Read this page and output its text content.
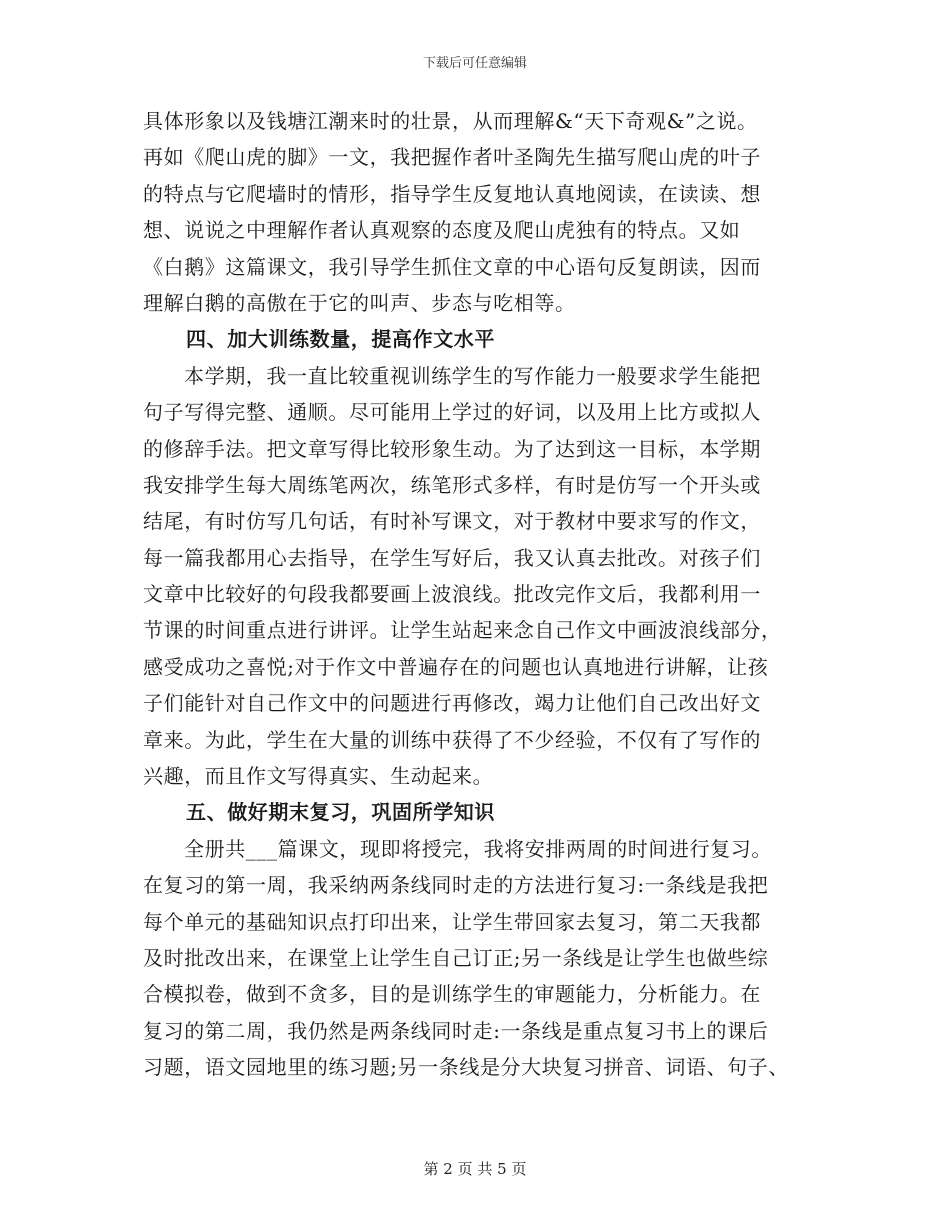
下载后可任意编辑
具体形象以及钱塘江潮来时的壮景，从而理解&“天下奇观&”之说。
再如《爬山虎的脚》一文，我把握作者叶圣陶先生描写爬山虎的叶子
的特点与它爬墙时的情形，指导学生反复地认真地阅读，在读读、想
想、说说之中理解作者认真观察的态度及爬山虎独有的特点。又如
《白鹅》这篇课文，我引导学生抓住文章的中心语句反复朗读，因而
理解白鹅的高傲在于它的叫声、步态与吃相等。
四、加大训练数量，提高作文水平
本学期，我一直比较重视训练学生的写作能力一般要求学生能把
句子写得完整、通顺。尽可能用上学过的好词，以及用上比方或拟人
的修辞手法。把文章写得比较形象生动。为了达到这一目标，本学期
我安排学生每大周练笔两次，练笔形式多样，有时是仿写一个开头或
结尾，有时仿写几句话，有时补写课文，对于教材中要求写的作文，
每一篇我都用心去指导，在学生写好后，我又认真去批改。对孩子们
文章中比较好的句段我都要画上波浪线。批改完作文后，我都利用一
节课的时间重点进行讲评。让学生站起来念自己作文中画波浪线部分，
感受成功之喜悦;对于作文中普遍存在的问题也认真地进行讲解，让孩
子们能针对自己作文中的问题进行再修改，竭力让他们自己改出好文
章来。为此，学生在大量的训练中获得了不少经验，不仅有了写作的
兴趣，而且作文写得真实、生动起来。
五、做好期末复习，巩固所学知识
全册共___篇课文，现即将授完，我将安排两周的时间进行复习。
在复习的第一周，我采纳两条线同时走的方法进行复习:一条线是我把
每个单元的基础知识点打印出来，让学生带回家去复习，第二天我都
及时批改出来，在课堂上让学生自己订正;另一条线是让学生也做些综
合模拟卷，做到不贪多，目的是训练学生的审题能力，分析能力。在
复习的第二周，我仍然是两条线同时走:一条线是重点复习书上的课后
习题，语文园地里的练习题;另一条线是分大块复习拼音、词语、句子、
第 2 页 共 5 页
